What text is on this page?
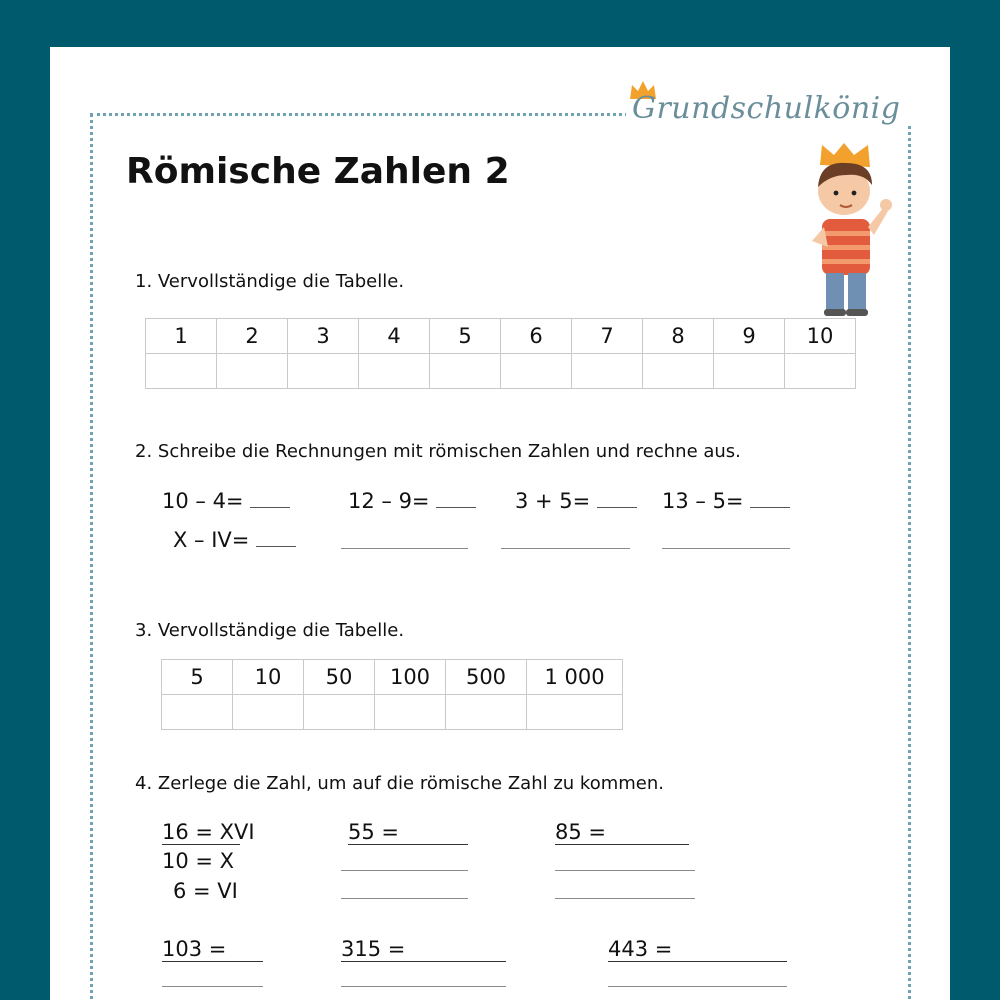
Grundschulkönig
Römische Zahlen 2
1. Vervollständige die Tabelle.
1	2	3	4	5	6	7	8	9	10

2. Schreibe die Rechnungen mit römischen Zahlen und rechne aus.
10 – 4=	12 – 9=	3 + 5=	13 – 5=
X – IV=
3. Vervollständige die Tabelle.
5	10	50	100	500	1 000

4. Zerlege die Zahl, um auf die römische Zahl zu kommen.
16 = XVI
10 = X
6 = VI
55 =	85 =
103 =	315 =	443 =
